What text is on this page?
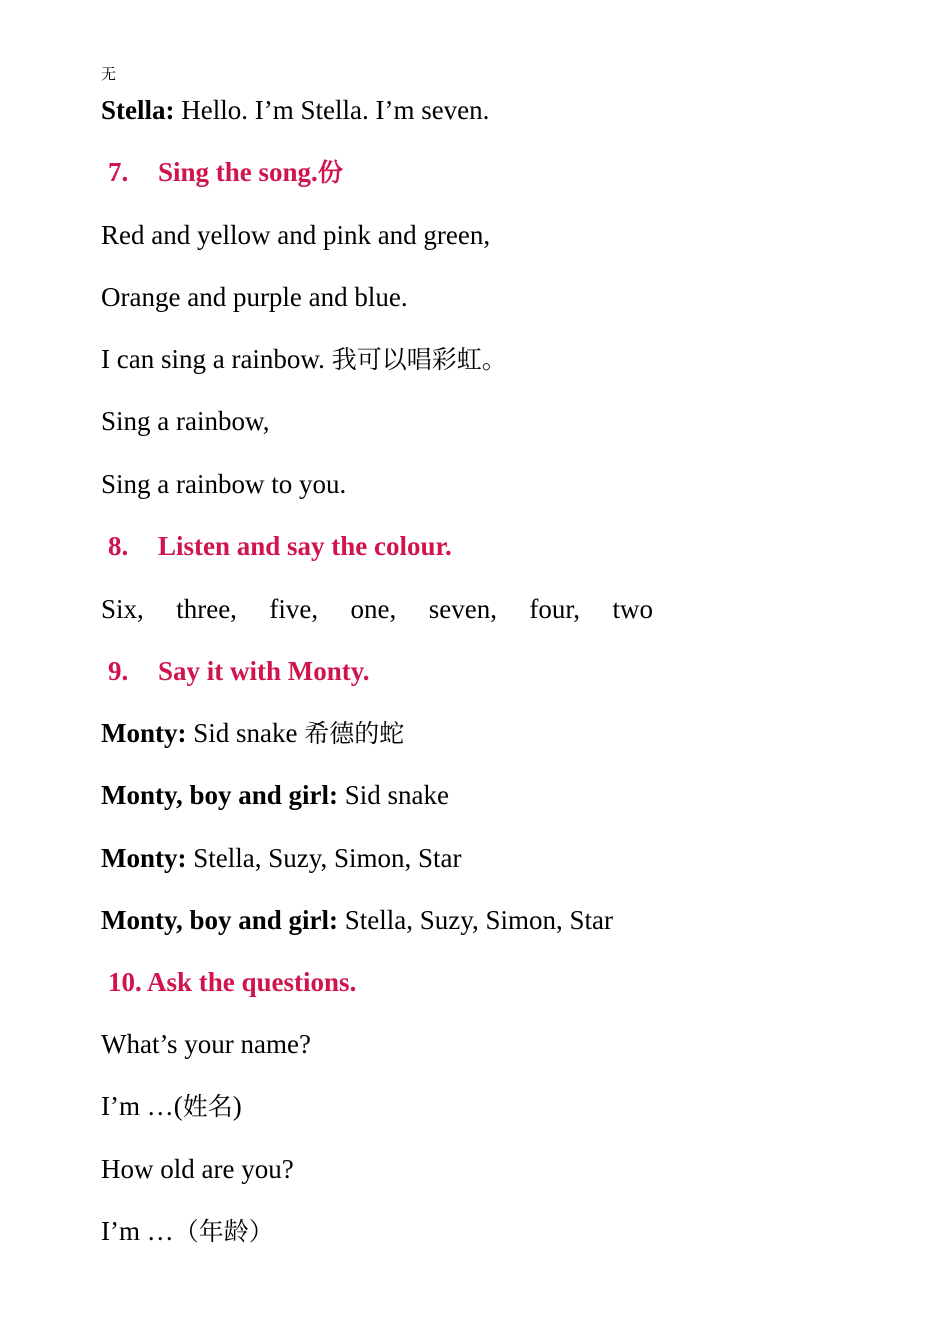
无
Stella: Hello. I’m Stella. I’m seven.
7. Sing the song.份
Red and yellow and pink and green,
Orange and purple and blue.
I can sing a rainbow. 我可以唱彩虹。
Sing a rainbow,
Sing a rainbow to you.
8. Listen and say the colour.
Six, three, five, one, seven, four, two
9. Say it with Monty.
Monty: Sid snake 希德的蛇
Monty, boy and girl: Sid snake
Monty: Stella, Suzy, Simon, Star
Monty, boy and girl: Stella, Suzy, Simon, Star
10. Ask the questions.
What’s your name?
I’m …(姓名)
How old are you?
I’m …（年龄）
